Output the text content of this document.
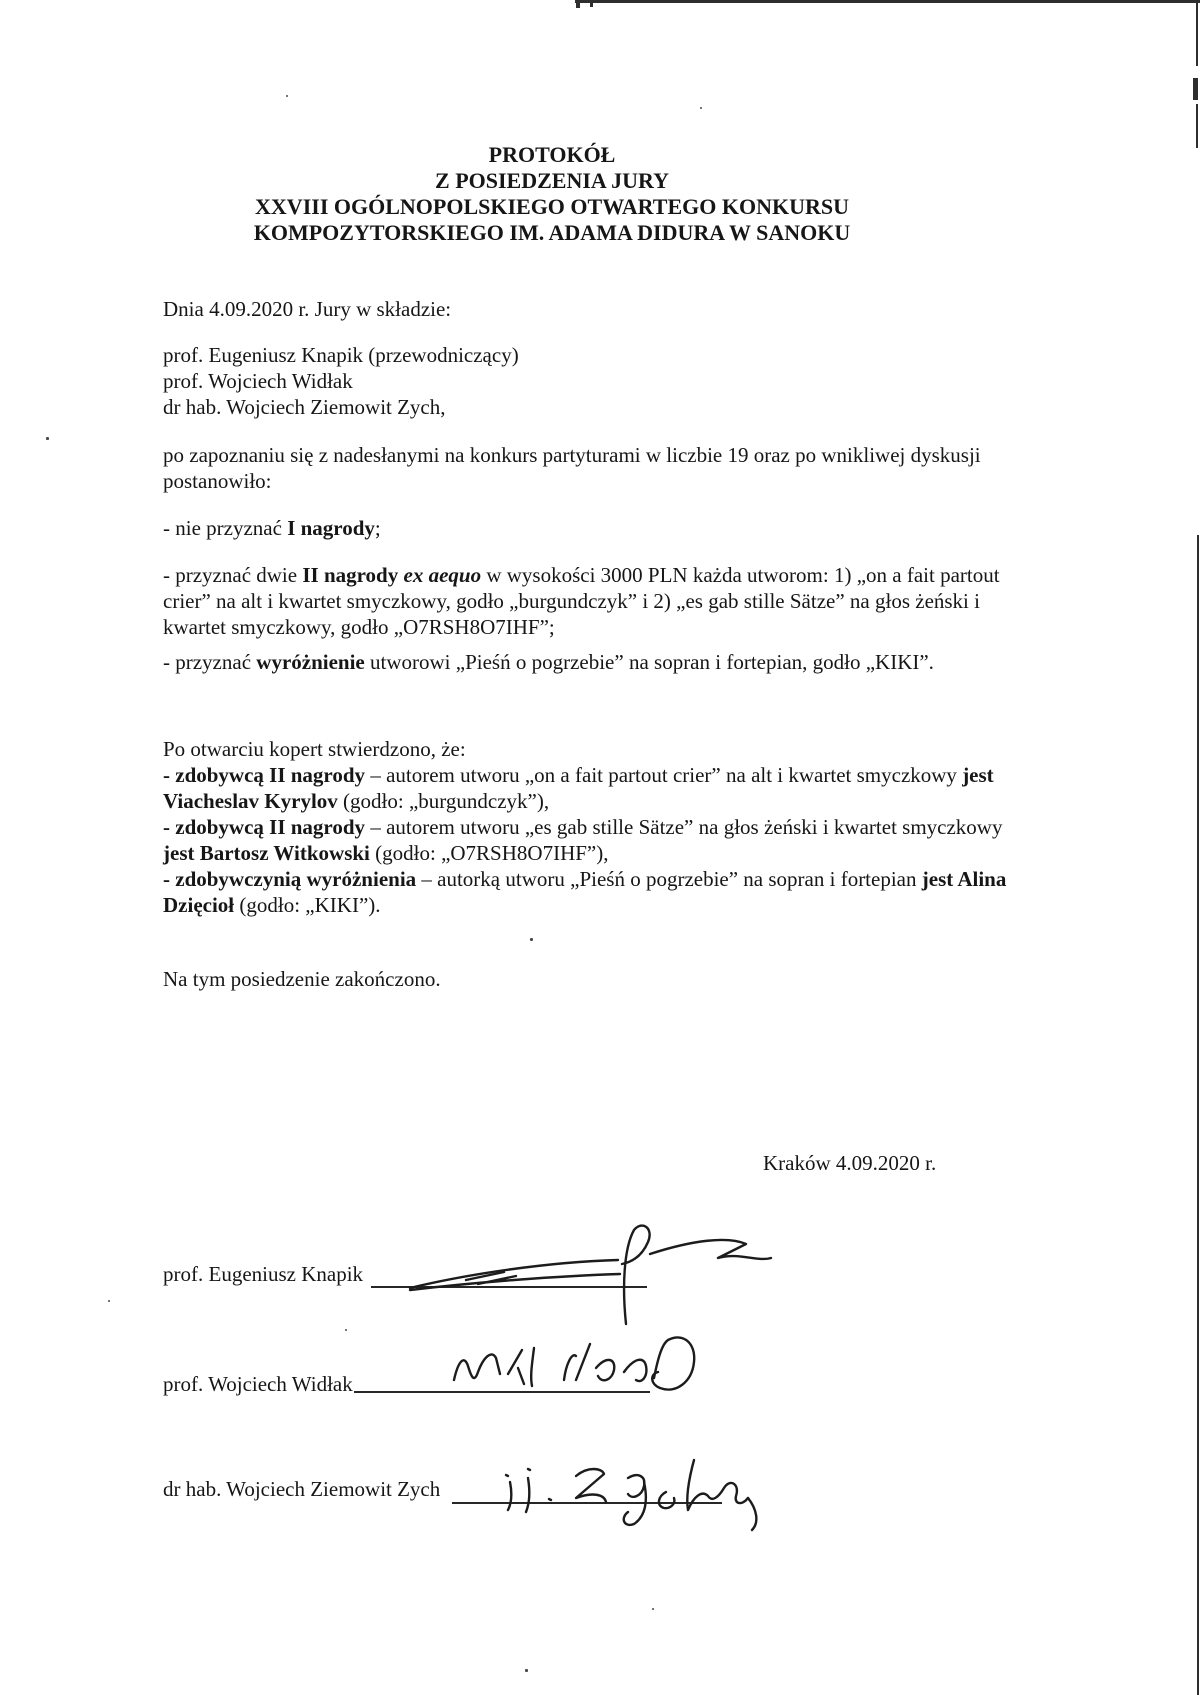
PROTOKÓŁ
Z POSIEDZENIA JURY
XXVIII OGÓLNOPOLSKIEGO OTWARTEGO KONKURSU
KOMPOZYTORSKIEGO IM. ADAMA DIDURA W SANOKU

Dnia 4.09.2020 r. Jury w składzie:

prof. Eugeniusz Knapik (przewodniczący)
prof. Wojciech Widłak
dr hab. Wojciech Ziemowit Zych,

po zapoznaniu się z nadesłanymi na konkurs partyturami w liczbie 19 oraz po wnikliwej dyskusji postanowiło:

- nie przyznać I nagrody;

- przyznać dwie II nagrody ex aequo w wysokości 3000 PLN każda utworom: 1) „on a fait partout crier” na alt i kwartet smyczkowy, godło „burgundczyk” i 2) „es gab stille Sätze” na głos żeński i kwartet smyczkowy, godło „O7RSH8O7IHF”;

- przyznać wyróżnienie utworowi „Pieśń o pogrzebie” na sopran i fortepian, godło „KIKI”.

Po otwarciu kopert stwierdzono, że:
- zdobywcą II nagrody – autorem utworu „on a fait partout crier” na alt i kwartet smyczkowy jest Viacheslav Kyrylov (godło: „burgundczyk”),
- zdobywcą II nagrody – autorem utworu „es gab stille Sätze” na głos żeński i kwartet smyczkowy jest Bartosz Witkowski (godło: „O7RSH8O7IHF”),
- zdobywczynią wyróżnienia – autorką utworu „Pieśń o pogrzebie” na sopran i fortepian jest Alina Dzięcioł (godło: „KIKI”).

Na tym posiedzenie zakończono.

Kraków 4.09.2020 r.

prof. Eugeniusz Knapik

prof. Wojciech Widłak

dr hab. Wojciech Ziemowit Zych
